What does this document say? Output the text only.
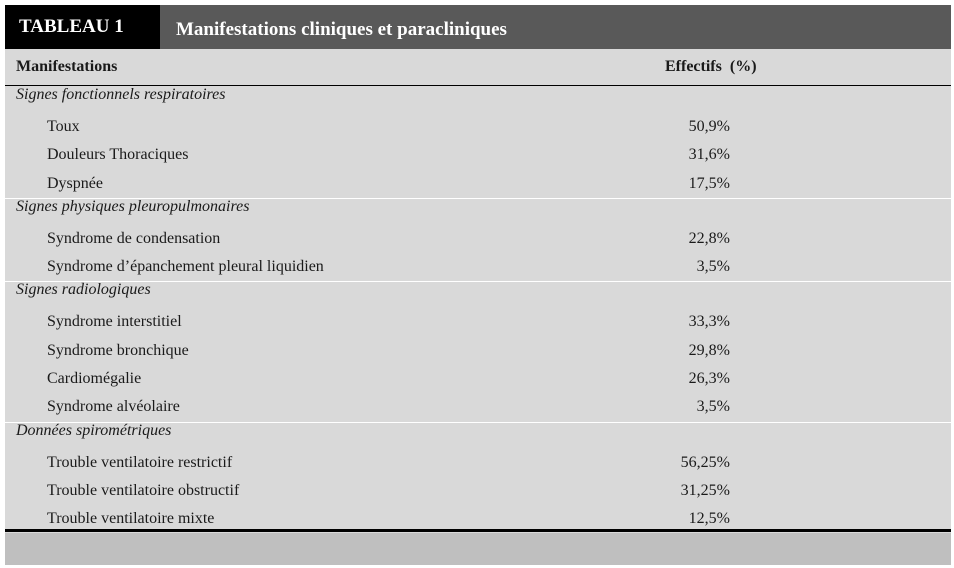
TABLEAU 1	Manifestations cliniques et paracliniques
Manifestations	Effectifs  (%)
Signes fonctionnels respiratoires
Toux	50,9%
Douleurs Thoraciques	31,6%
Dyspnée	17,5%
Signes physiques pleuropulmonaires
Syndrome de condensation	22,8%
Syndrome d’épanchement pleural liquidien	3,5%
Signes radiologiques
Syndrome interstitiel	33,3%
Syndrome bronchique	29,8%
Cardiomégalie	26,3%
Syndrome alvéolaire	3,5%
Données spirométriques
Trouble ventilatoire restrictif	56,25%
Trouble ventilatoire obstructif	31,25%
Trouble ventilatoire mixte	12,5%
